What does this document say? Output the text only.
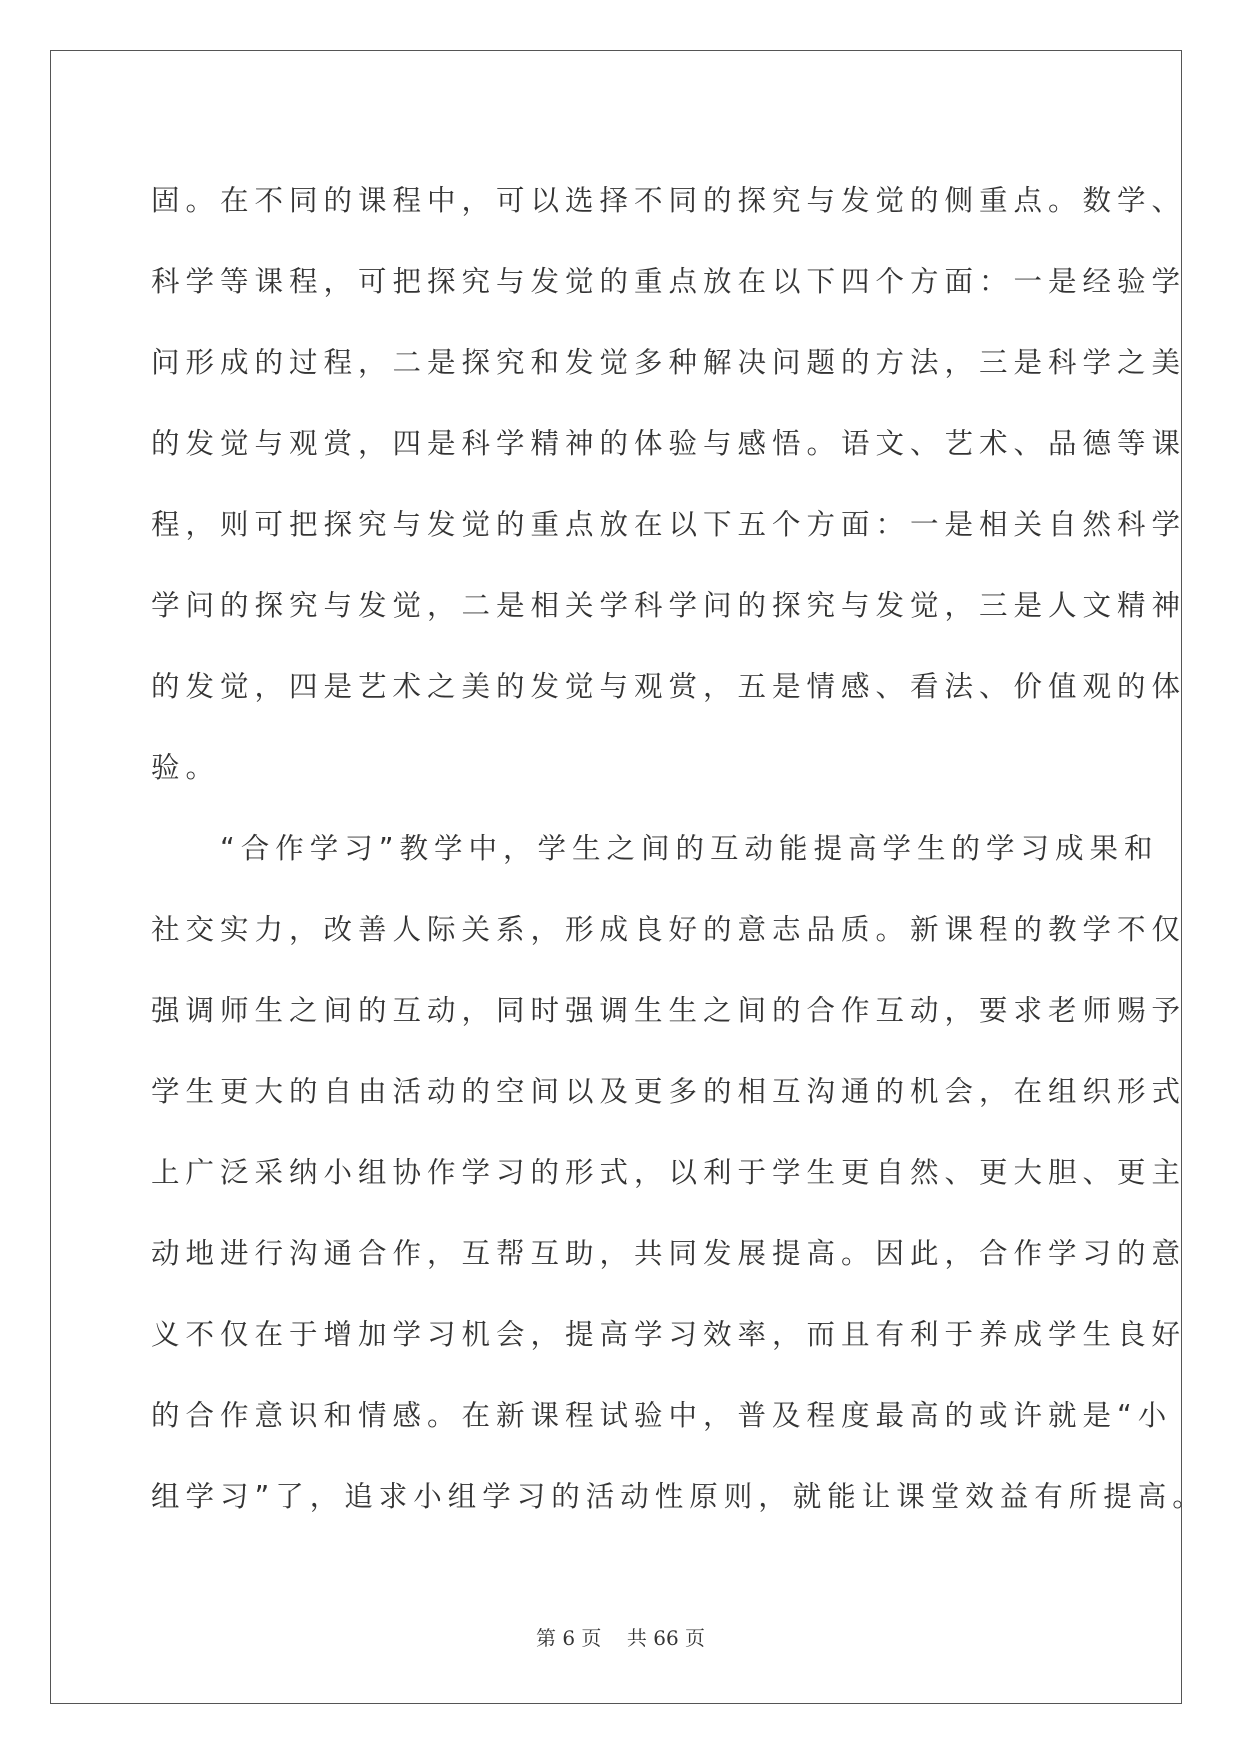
固。在不同的课程中，可以选择不同的探究与发觉的侧重点。数学、
科学等课程，可把探究与发觉的重点放在以下四个方面：一是经验学
问形成的过程，二是探究和发觉多种解决问题的方法，三是科学之美
的发觉与观赏，四是科学精神的体验与感悟。语文、艺术、品德等课
程，则可把探究与发觉的重点放在以下五个方面：一是相关自然科学
学问的探究与发觉，二是相关学科学问的探究与发觉，三是人文精神
的发觉，四是艺术之美的发觉与观赏，五是情感、看法、价值观的体
验。
　　“合作学习”教学中，学生之间的互动能提高学生的学习成果和
社交实力，改善人际关系，形成良好的意志品质。新课程的教学不仅
强调师生之间的互动，同时强调生生之间的合作互动，要求老师赐予
学生更大的自由活动的空间以及更多的相互沟通的机会，在组织形式
上广泛采纳小组协作学习的形式，以利于学生更自然、更大胆、更主
动地进行沟通合作，互帮互助，共同发展提高。因此，合作学习的意
义不仅在于增加学习机会，提高学习效率，而且有利于养成学生良好
的合作意识和情感。在新课程试验中，普及程度最高的或许就是“小
组学习”了，追求小组学习的活动性原则，就能让课堂效益有所提高。
第 6 页 共 66 页
